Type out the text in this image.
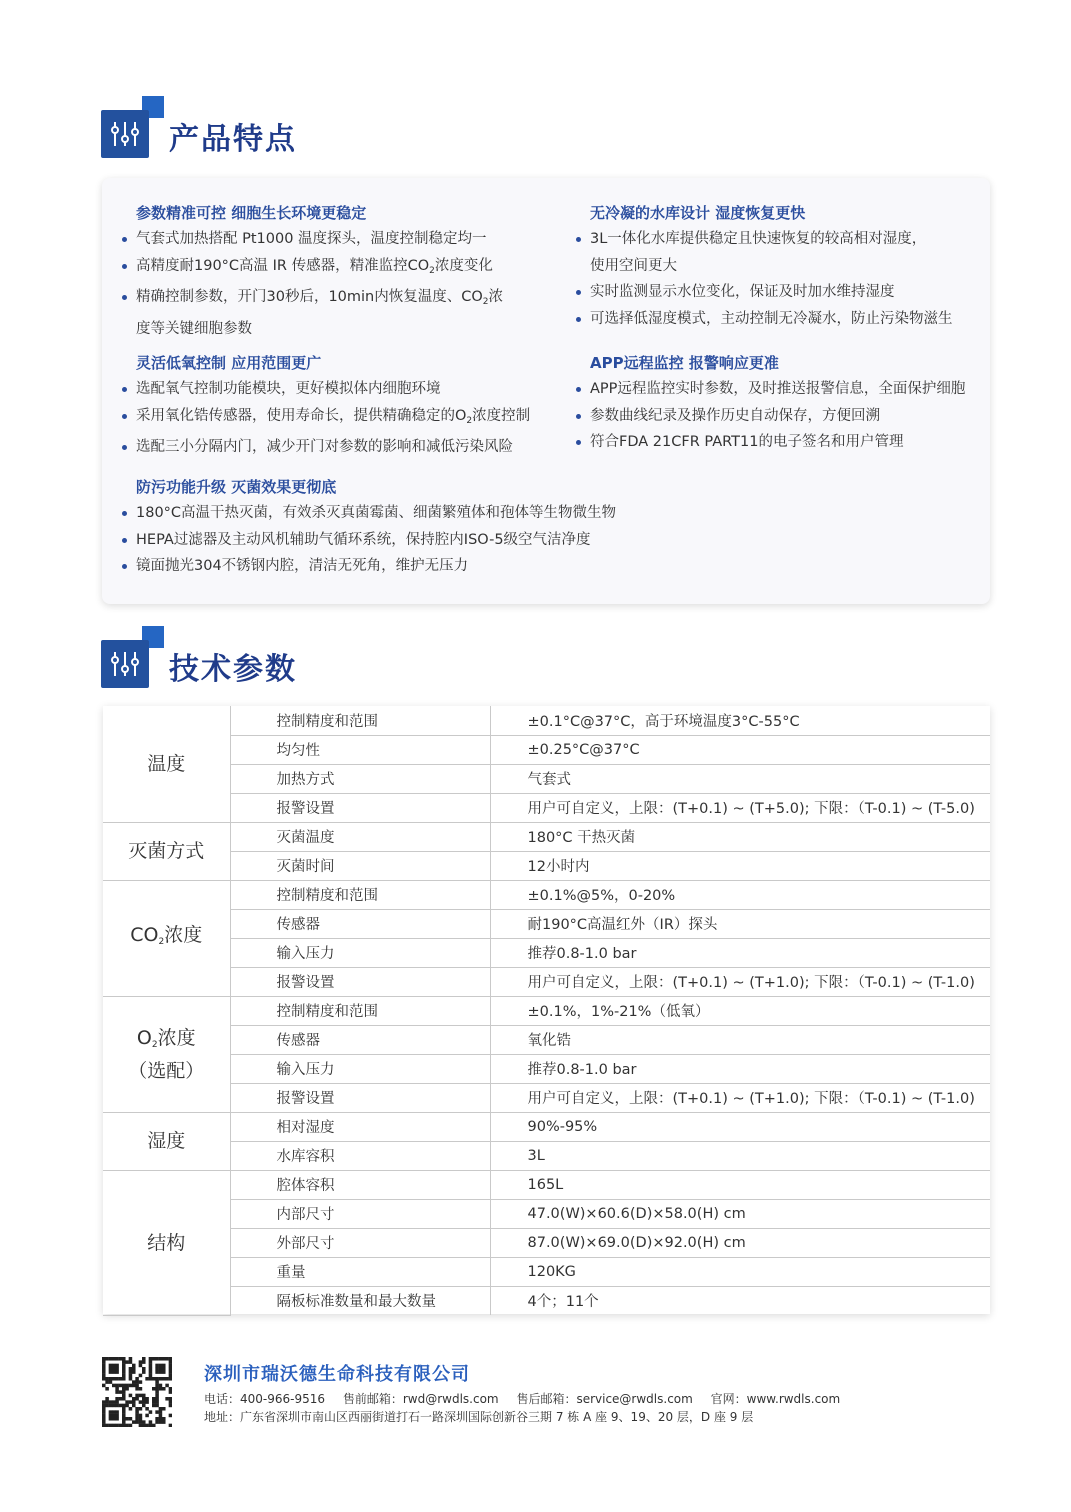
产品特点
参数精准可控 细胞生长环境更稳定
气套式加热搭配 Pt1000 温度探头，温度控制稳定均一
高精度耐190°C高温 IR 传感器，精准监控$CO_2$浓度变化
精确控制参数，开门30秒后，10min内恢复温度、$CO_2$浓
度等关键细胞参数
无冷凝的水库设计 湿度恢复更快
3L一体化水库提供稳定且快速恢复的较高相对湿度，
使用空间更大
实时监测显示水位变化，保证及时加水维持湿度
可选择低湿度模式，主动控制无冷凝水，防止污染物滋生
灵活低氧控制 应用范围更广
选配氧气控制功能模块，更好模拟体内细胞环境
采用氧化锆传感器，使用寿命长，提供精确稳定的$O_2$浓度控制
选配三小分隔内门，减少开门对参数的影响和减低污染风险
APP远程监控 报警响应更准
APP远程监控实时参数，及时推送报警信息，全面保护细胞
参数曲线纪录及操作历史自动保存，方便回溯
符合FDA 21CFR PART11的电子签名和用户管理
防污功能升级 灭菌效果更彻底
180°C高温干热灭菌，有效杀灭真菌霉菌、细菌繁殖体和孢体等生物微生物
HEPA过滤器及主动风机辅助气循环系统，保持腔内ISO-5级空气洁净度
镜面抛光304不锈钢内腔，清洁无死角，维护无压力
技术参数
温度	控制精度和范围	±0.1°C@37°C，高于环境温度3°C-55°C
	均匀性	±0.25°C@37°C
	加热方式	气套式
	报警设置	用户可自定义，上限：(T+0.1) ~ (T+5.0); 下限：（T-0.1) ~ (T-5.0)
灭菌方式	灭菌温度	180°C 干热灭菌
	灭菌时间	12小时内

$CO_2$浓度	控制精度和范围	±0.1%@5%，0-20%
	传感器	耐190°C高温红外（IR）探头
	输入压力	推荐0.8-1.0 bar
	报警设置	用户可自定义，上限：(T+0.1) ~ (T+1.0); 下限：（T-0.1) ~ (T-1.0)

$O_2$浓度
（选配）	控制精度和范围	±0.1%，1%-21%（低氧）
	传感器	氧化锆
	输入压力	推荐0.8-1.0 bar
	报警设置	用户可自定义，上限：(T+0.1) ~ (T+1.0); 下限：（T-0.1) ~ (T-1.0)
湿度	相对湿度	90%-95%
	水库容积	3L
结构	腔体容积	165L
	内部尺寸	47.0(W)×60.6(D)×58.0(H) cm
	外部尺寸	87.0(W)×69.0(D)×92.0(H) cm
	重量	120KG
	隔板标准数量和最大数量	4个；11个
深圳市瑞沃德生命科技有限公司
电话：400-966-9516 售前邮箱：rwd@rwdls.com 售后邮箱：service@rwdls.com 官网：www.rwdls.com
地址：广东省深圳市南山区西丽街道打石一路深圳国际创新谷三期 7 栋 A 座 9、19、20 层，D 座 9 层
